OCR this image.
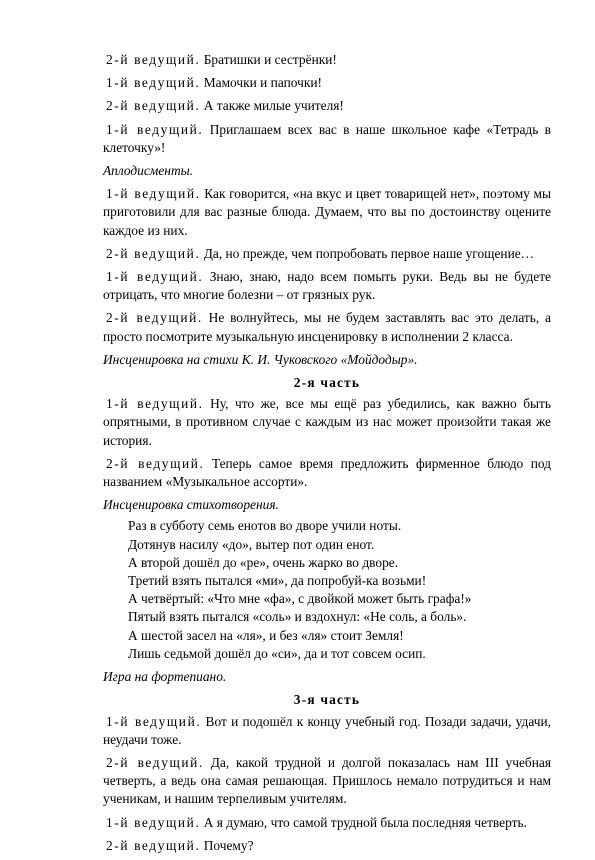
2-й ведущий. Братишки и сестрёнки!

1-й ведущий. Мамочки и папочки!

2-й ведущий. А также милые учителя!

1-й ведущий. Приглашаем всех вас в наше школьное кафе «Тетрадь в клеточку»!

Аплодисменты.

1-й ведущий. Как говорится, «на вкус и цвет товарищей нет», поэтому мы приготовили для вас разные блюда. Думаем, что вы по достоинству оцените каждое из них.

2-й ведущий. Да, но прежде, чем попробовать первое наше угощение…

1-й ведущий. Знаю, знаю, надо всем помыть руки. Ведь вы не будете отрицать, что многие болезни – от грязных рук.

2-й ведущий. Не волнуйтесь, мы не будем заставлять вас это делать, а просто посмотрите музыкальную инсценировку в исполнении 2 класса.

Инсценировка на стихи К. И. Чуковского «Мойдодыр».

2-я часть

1-й ведущий. Ну, что же, все мы ещё раз убедились, как важно быть опрятными, в противном случае с каждым из нас может произойти такая же история.

2-й ведущий. Теперь самое время предложить фирменное блюдо под названием «Музыкальное ассорти».

Инсценировка стихотворения.

Раз в субботу семь енотов во дворе учили ноты.
Дотянув насилу «до», вытер пот один енот.
А второй дошёл до «ре», очень жарко во дворе.
Третий взять пытался «ми», да попробуй-ка возьми!
А четвёртый: «Что мне «фа», с двойкой может быть графа!»
Пятый взять пытался «соль» и вздохнул: «Не соль, а боль».
А шестой засел на «ля», и без «ля» стоит Земля!
Лишь седьмой дошёл до «си», да и тот совсем осип.

Игра на фортепиано.

3-я часть

1-й ведущий. Вот и подошёл к концу учебный год. Позади задачи, удачи, неудачи тоже.

2-й ведущий. Да, какой трудной и долгой показалась нам III учебная четверть, а ведь она самая решающая. Пришлось немало потрудиться и нам ученикам, и нашим терпеливым учителям.

1-й ведущий. А я думаю, что самой трудной была последняя четверть.

2-й ведущий. Почему?
